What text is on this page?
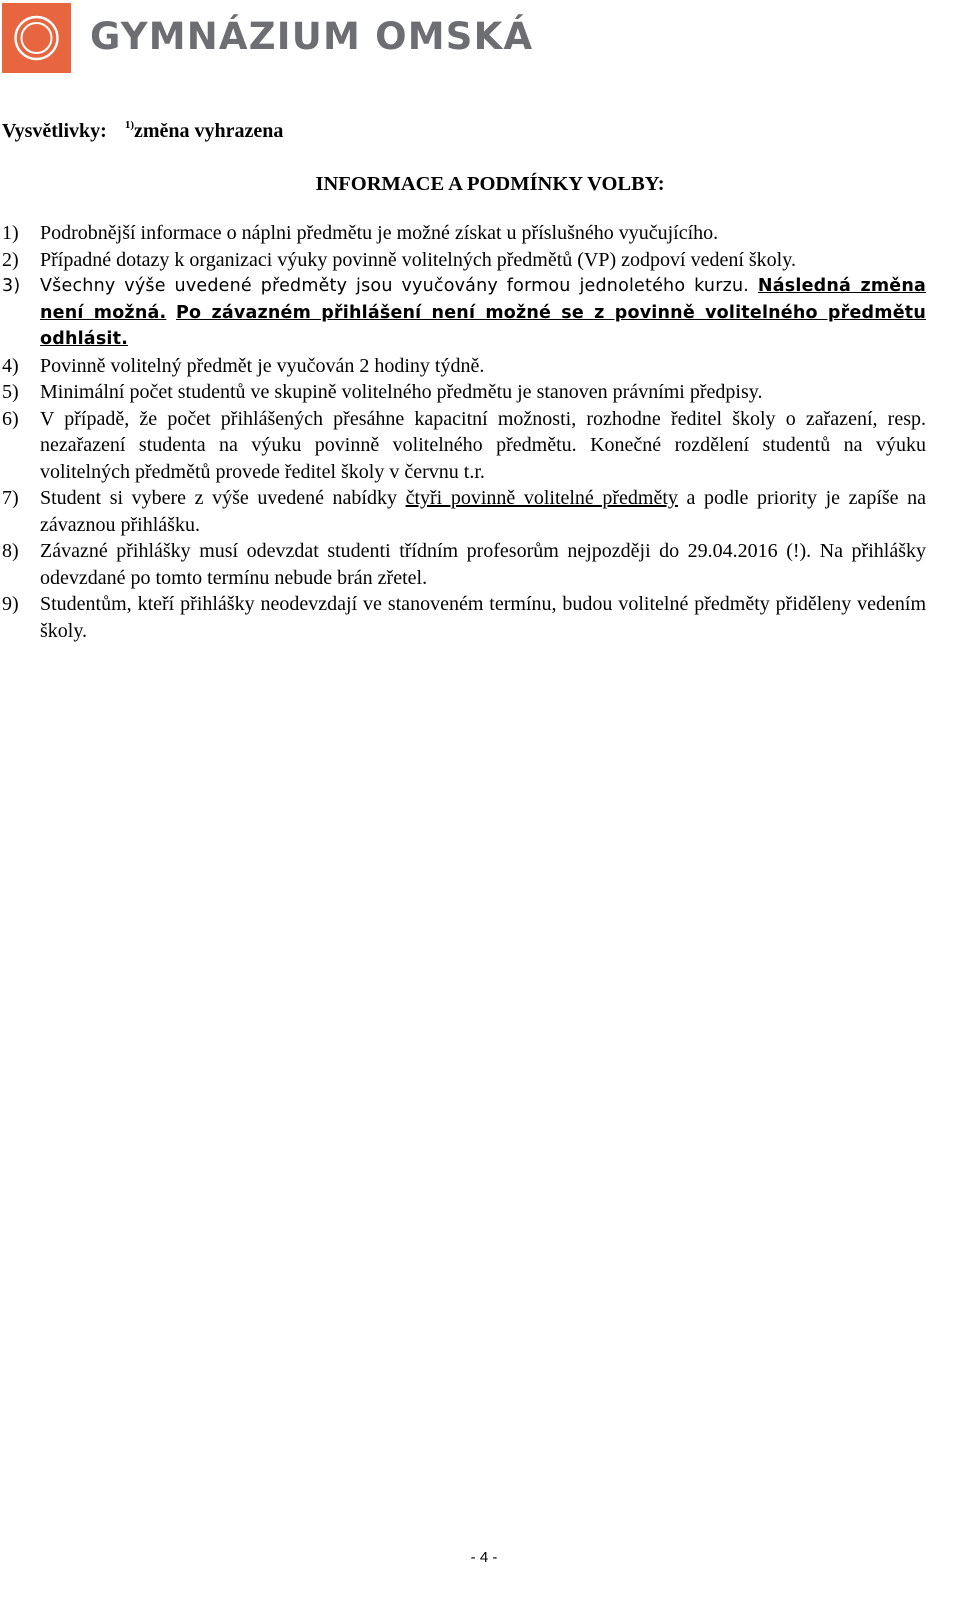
GYMNÁZIUM OMSKÁ
Vysvětlivky: $^{1)}$změna vyhrazena
INFORMACE A PODMÍNKY VOLBY:
1) Podrobnější informace o náplni předmětu je možné získat u příslušného vyučujícího.
2) Případné dotazy k organizaci výuky povinně volitelných předmětů (VP) zodpoví vedení školy.
3) Všechny výše uvedené předměty jsou vyučovány formou jednoletého kurzu. Následná změna není možná. Po závazném přihlášení není možné se z povinně volitelného předmětu odhlásit.
4) Povinně volitelný předmět je vyučován 2 hodiny týdně.
5) Minimální počet studentů ve skupině volitelného předmětu je stanoven právními předpisy.
6) V případě, že počet přihlášených přesáhne kapacitní možnosti, rozhodne ředitel školy o zařazení, resp. nezařazení studenta na výuku povinně volitelného předmětu. Konečné rozdělení studentů na výuku volitelných předmětů provede ředitel školy v červnu t.r.
7) Student si vybere z výše uvedené nabídky čtyři povinně volitelné předměty a podle priority je zapíše na závaznou přihlášku.
8) Závazné přihlášky musí odevzdat studenti třídním profesorům nejpozději do 29.04.2016 (!). Na přihlášky odevzdané po tomto termínu nebude brán zřetel.
9) Studentům, kteří přihlášky neodevzdají ve stanoveném termínu, budou volitelné předměty přiděleny vedením školy.
- 4 -
